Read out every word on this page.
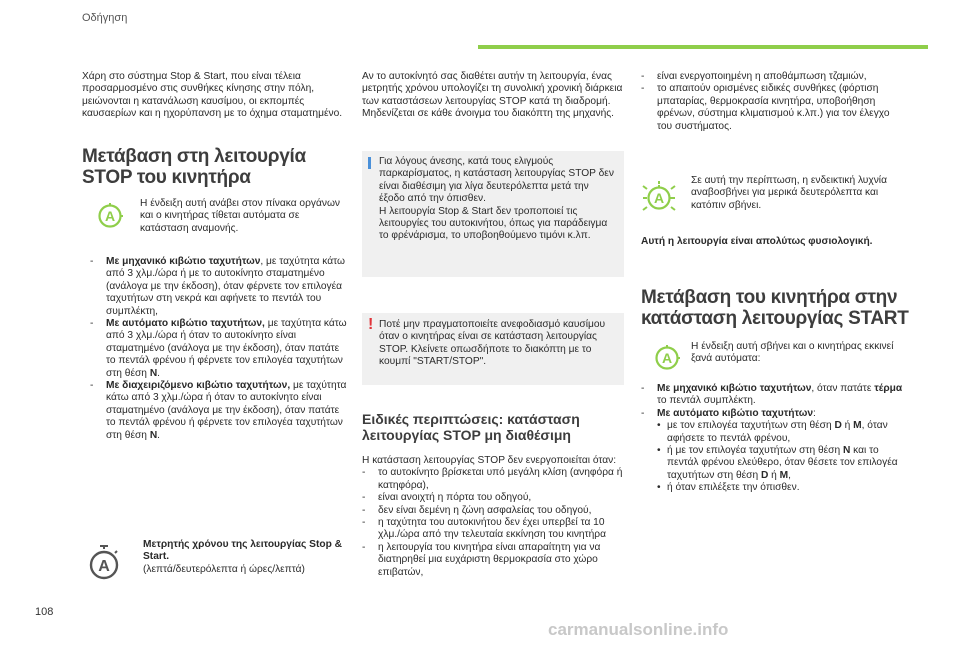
Οδήγηση

Χάρη στο σύστημα Stop & Start, που είναι τέλεια προσαρμοσμένο στις συνθήκες κίνησης στην πόλη, μειώνονται η κατανάλωση καυσίμου, οι εκπομπές καυσαερίων και η ηχορύπανση με το όχημα σταματημένο.

Μετάβαση στη λειτουργία STOP του κινητήρα

Η ένδειξη αυτή ανάβει στον πίνακα οργάνων και ο κινητήρας τίθεται αυτόματα σε κατάσταση αναμονής.

- Με μηχανικό κιβώτιο ταχυτήτων, με ταχύτητα κάτω από 3 χλμ./ώρα ή με το αυτοκίνητο σταματημένο (ανάλογα με την έκδοση), όταν φέρνετε τον επιλογέα ταχυτήτων στη νεκρά και αφήνετε το πεντάλ του συμπλέκτη,
- Με αυτόματο κιβώτιο ταχυτήτων, με ταχύτητα κάτω από 3 χλμ./ώρα ή όταν το αυτοκίνητο είναι σταματημένο (ανάλογα με την έκδοση), όταν πατάτε το πεντάλ φρένου ή φέρνετε τον επιλογέα ταχυτήτων στη θέση N.
- Με διαχειριζόμενο κιβώτιο ταχυτήτων, με ταχύτητα κάτω από 3 χλμ./ώρα ή όταν το αυτοκίνητο είναι σταματημένο (ανάλογα με την έκδοση), όταν πατάτε το πεντάλ φρένου ή φέρνετε τον επιλογέα ταχυτήτων στη θέση N.
A

Μετρητής χρόνου της λειτουργίας Stop & Start.

(λεπτά/δευτερόλεπτα ή ώρες/λεπτά)

Αν το αυτοκίνητό σας διαθέτει αυτήν τη λειτουργία, ένας μετρητής χρόνου υπολογίζει τη συνολική χρονική διάρκεια των καταστάσεων λειτουργίας STOP κατά τη διαδρομή.
Μηδενίζεται σε κάθε άνοιγμα του διακόπτη της μηχανής.

Για λόγους άνεσης, κατά τους ελιγμούς παρκαρίσματος, η κατάσταση λειτουργίας STOP δεν είναι διαθέσιμη για λίγα δευτερόλεπτα μετά την έξοδο από την όπισθεν.
Η λειτουργία Stop & Start δεν τροποποιεί τις λειτουργίες του αυτοκινήτου, όπως για παράδειγμα το φρένάρισμα, το υποβοηθούμενο τιμόνι κ.λπ.
! Ποτέ μην πραγματοποιείτε ανεφοδιασμό καυσίμου όταν ο κινητήρας είναι σε κατάσταση λειτουργίας STOP. Κλείνετε οπωσδήποτε το διακόπτη με το κουμπί "START/STOP".
Ειδικές περιπτώσεις: κατάσταση λειτουργίας STOP μη διαθέσιμη

Η κατάσταση λειτουργίας STOP δεν ενεργοποιείται όταν:

- το αυτοκίνητο βρίσκεται υπό μεγάλη κλίση (ανηφόρα ή κατηφόρα),
- είναι ανοιχτή η πόρτα του οδηγού,
- δεν είναι δεμένη η ζώνη ασφαλείας του οδηγού,
- η ταχύτητα του αυτοκινήτου δεν έχει υπερβεί τα 10 χλμ./ώρα από την τελευταία εκκίνηση του κινητήρα
- η λειτουργία του κινητήρα είναι απαραίτητη για να διατηρηθεί μια ευχάριστη θερμοκρασία στο χώρο επιβατών,
- είναι ενεργοποιημένη η αποθάμπωση τζαμιών,
- το απαιτούν ορισμένες ειδικές συνθήκες (φόρτιση μπαταρίας, θερμοκρασία κινητήρα, υποβοήθηση φρένων, σύστημα κλιματισμού κ.λπ.) για τον έλεγχο του συστήματος.

Σε αυτή την περίπτωση, η ενδεικτική λυχνία αναβοσβήνει για μερικά δευτερόλεπτα και κατόπιν σβήνει.

Αυτή η λειτουργία είναι απολύτως φυσιολογική.

Μετάβαση του κινητήρα στην κατάσταση λειτουργίας START

Η ένδειξη αυτή σβήνει και ο κινητήρας εκκινεί ξανά αυτόματα:

- Με μηχανικό κιβώτιο ταχυτήτων, όταν πατάτε τέρμα το πεντάλ συμπλέκτη.
- Με αυτόματο κιβώτιο ταχυτήτων:
• με τον επιλογέα ταχυτήτων στη θέση D ή M, όταν αφήσετε το πεντάλ φρένου,
• ή με τον επιλογέα ταχυτήτων στη θέση N και το πεντάλ φρένου ελεύθερο, όταν θέσετε τον επιλογέα ταχυτήτων στη θέση D ή M,
• ή όταν επιλέξετε την όπισθεν.
108
carmanualsonline.info
